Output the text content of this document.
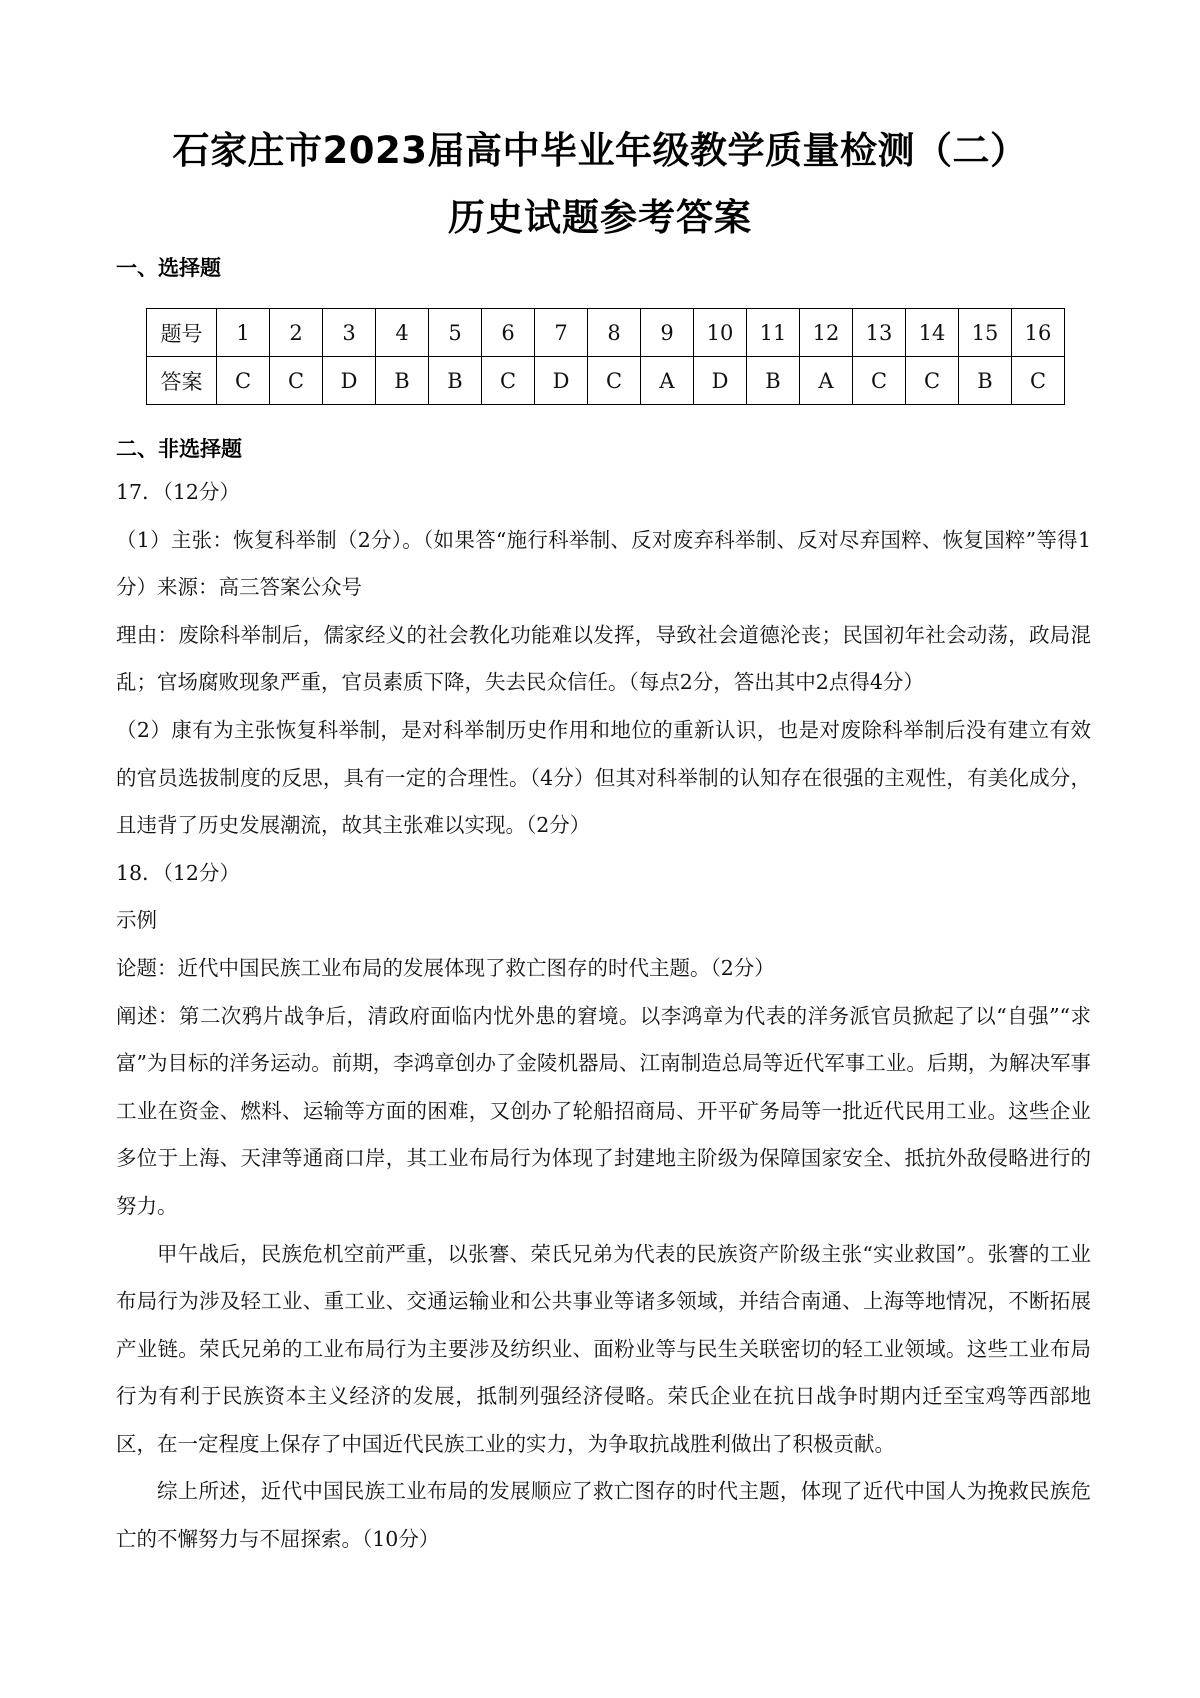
石家庄市2023届高中毕业年级教学质量检测（二）
历史试题参考答案
一、选择题
题号	1	2	3	4	5	6	7	8	9	10	11	12	13	14	15	16
答案	C	C	D	B	B	C	D	C	A	D	B	A	C	C	B	C
二、非选择题

17．（12分）

（1）主张：恢复科举制（2分）。（如果答“施行科举制、反对废弃科举制、反对尽弃国粹、恢复国粹”等得1分）来源：高三答案公众号

理由：废除科举制后，儒家经义的社会教化功能难以发挥，导致社会道德沦丧；民国初年社会动荡，政局混乱；官场腐败现象严重，官员素质下降，失去民众信任。（每点2分，答出其中2点得4分）

（2）康有为主张恢复科举制，是对科举制历史作用和地位的重新认识，也是对废除科举制后没有建立有效的官员选拔制度的反思，具有一定的合理性。（4分）但其对科举制的认知存在很强的主观性，有美化成分，且违背了历史发展潮流，故其主张难以实现。（2分）

18．（12分）

示例

论题：近代中国民族工业布局的发展体现了救亡图存的时代主题。（2分）

阐述：第二次鸦片战争后，清政府面临内忧外患的窘境。以李鸿章为代表的洋务派官员掀起了以“自强”“求富”为目标的洋务运动。前期，李鸿章创办了金陵机器局、江南制造总局等近代军事工业。后期，为解决军事工业在资金、燃料、运输等方面的困难，又创办了轮船招商局、开平矿务局等一批近代民用工业。这些企业多位于上海、天津等通商口岸，其工业布局行为体现了封建地主阶级为保障国家安全、抵抗外敌侵略进行的努力。

甲午战后，民族危机空前严重，以张謇、荣氏兄弟为代表的民族资产阶级主张“实业救国”。张謇的工业布局行为涉及轻工业、重工业、交通运输业和公共事业等诸多领域，并结合南通、上海等地情况，不断拓展产业链。荣氏兄弟的工业布局行为主要涉及纺织业、面粉业等与民生关联密切的轻工业领域。这些工业布局行为有利于民族资本主义经济的发展，抵制列强经济侵略。荣氏企业在抗日战争时期内迁至宝鸡等西部地区，在一定程度上保存了中国近代民族工业的实力，为争取抗战胜利做出了积极贡献。

综上所述，近代中国民族工业布局的发展顺应了救亡图存的时代主题，体现了近代中国人为挽救民族危亡的不懈努力与不屈探索。（10分）
